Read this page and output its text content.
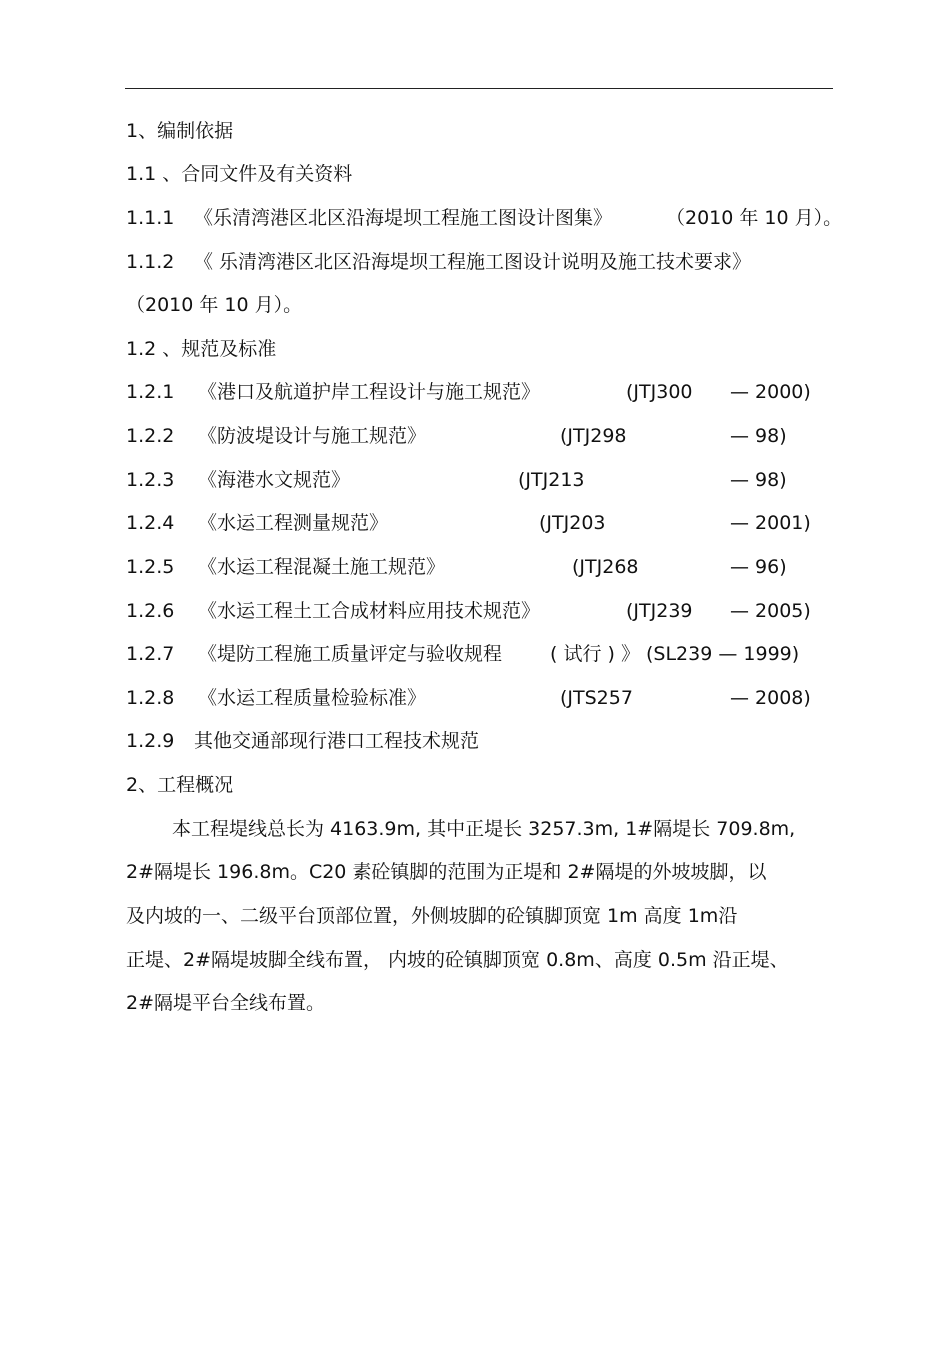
1、编制依据
1.1 、合同文件及有关资料
1.1.1 《乐清湾港区北区沿海堤坝工程施工图设计图集》	（2010 年 10 月）。
1.1.2 《 乐清湾港区北区沿海堤坝工程施工图设计说明及施工技术要求》
（2010 年 10 月）。
1.2 、规范及标准
1.2.1 《港口及航道护岸工程设计与施工规范》	(JTJ300 — 2000)
1.2.2 《防波堤设计与施工规范》	(JTJ298	— 98)
1.2.3 《海港水文规范》	(JTJ213	— 98)
1.2.4 《水运工程测量规范》	(JTJ203	— 2001)
1.2.5 《水运工程混凝土施工规范》	(JTJ268	— 96)
1.2.6 《水运工程土工合成材料应用技术规范》	(JTJ239 — 2005)
1.2.7 《堤防工程施工质量评定与验收规程	( 试行 ) 》 (SL239 — 1999)
1.2.8 《水运工程质量检验标准》	(JTS257	— 2008)
1.2.9 其他交通部现行港口工程技术规范
2、工程概况
本工程堤线总长为 4163.9m, 其中正堤长 3257.3m, 1#隔堤长 709.8m,
2#隔堤长 196.8m。C20 素砼镇脚的范围为正堤和 2#隔堤的外坡坡脚，以
及内坡的一、二级平台顶部位置，外侧坡脚的砼镇脚顶宽 1m 高度 1m沿
正堤、2#隔堤坡脚全线布置， 内坡的砼镇脚顶宽 0.8m、高度 0.5m 沿正堤、
2#隔堤平台全线布置。
